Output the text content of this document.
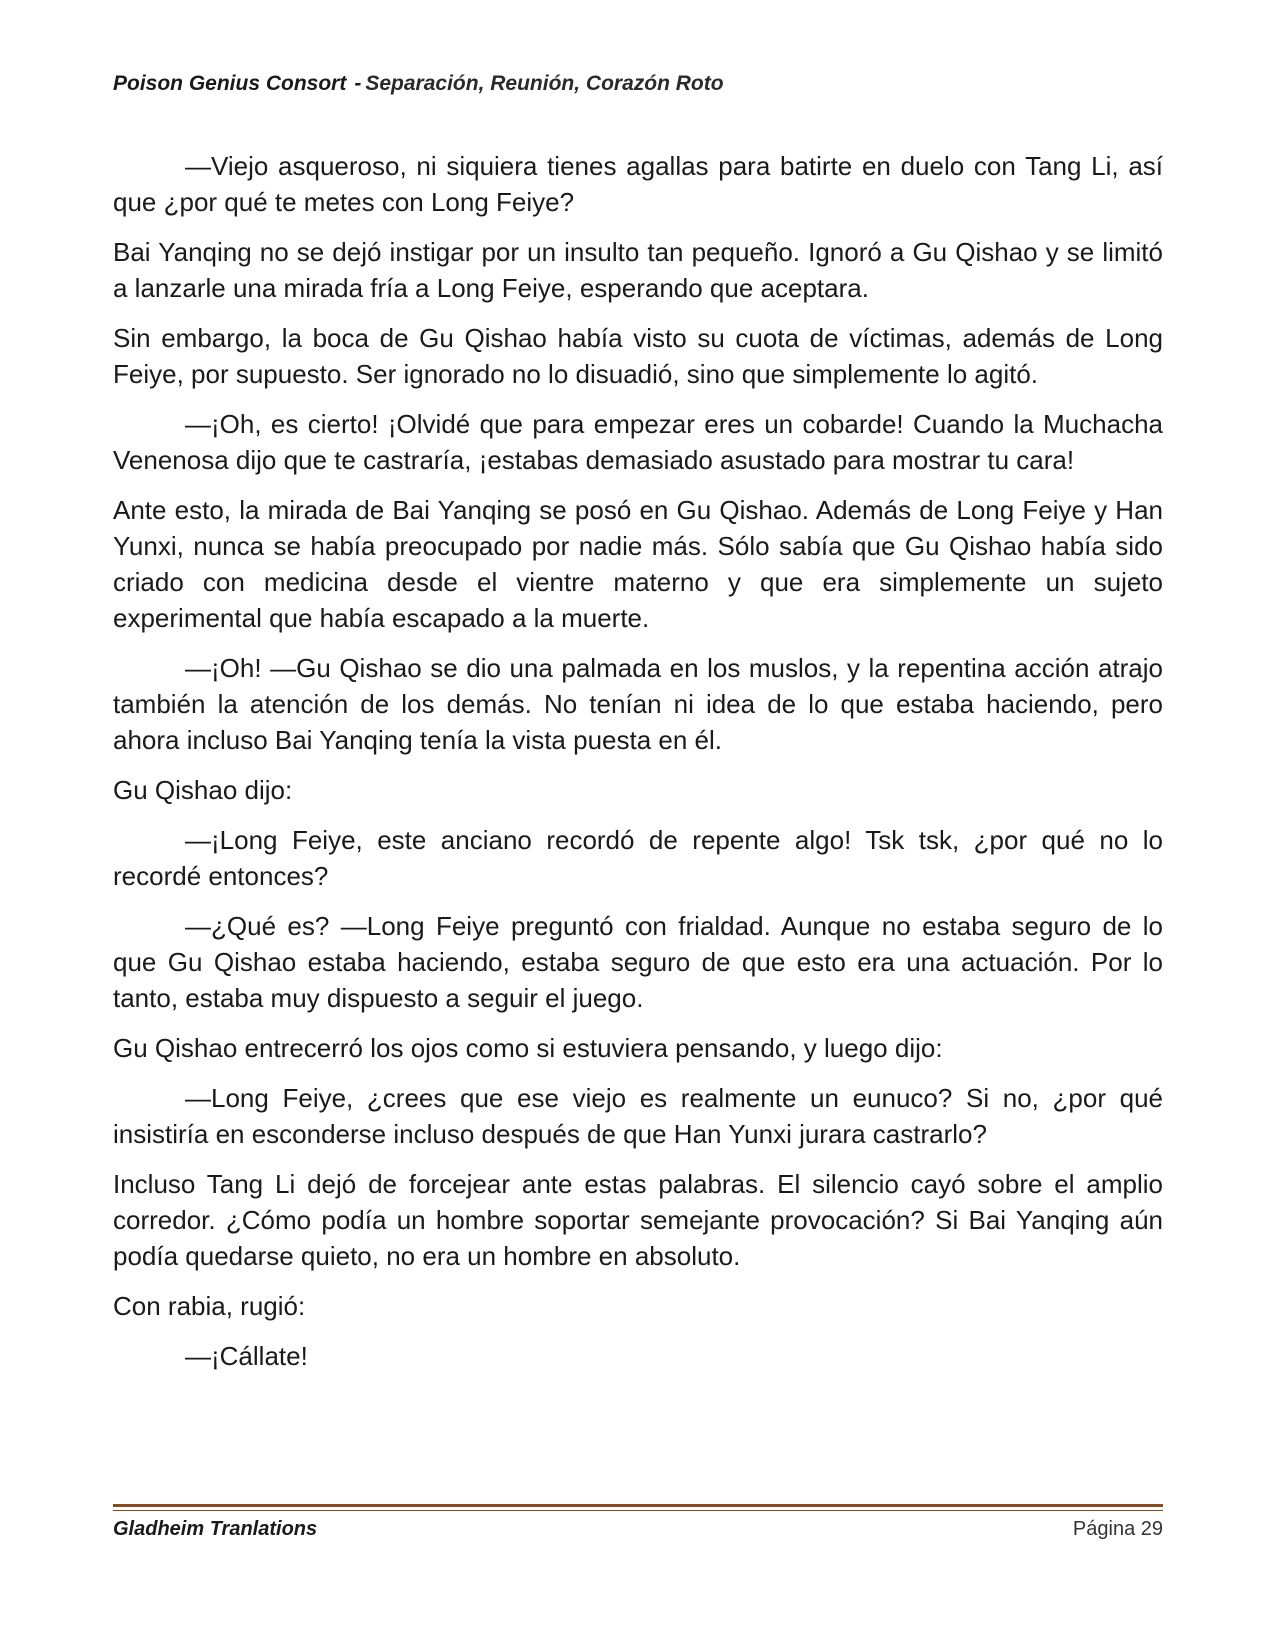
Poison Genius Consort - Separación, Reunión, Corazón Roto

—Viejo asqueroso, ni siquiera tienes agallas para batirte en duelo con Tang Li, así que ¿por qué te metes con Long Feiye?

Bai Yanqing no se dejó instigar por un insulto tan pequeño. Ignoró a Gu Qishao y se limitó a lanzarle una mirada fría a Long Feiye, esperando que aceptara.

Sin embargo, la boca de Gu Qishao había visto su cuota de víctimas, además de Long Feiye, por supuesto. Ser ignorado no lo disuadió, sino que simplemente lo agitó.

—¡Oh, es cierto! ¡Olvidé que para empezar eres un cobarde! Cuando la Muchacha Venenosa dijo que te castraría, ¡estabas demasiado asustado para mostrar tu cara!

Ante esto, la mirada de Bai Yanqing se posó en Gu Qishao. Además de Long Feiye y Han Yunxi, nunca se había preocupado por nadie más. Sólo sabía que Gu Qishao había sido criado con medicina desde el vientre materno y que era simplemente un sujeto experimental que había escapado a la muerte.

—¡Oh! —Gu Qishao se dio una palmada en los muslos, y la repentina acción atrajo también la atención de los demás. No tenían ni idea de lo que estaba haciendo, pero ahora incluso Bai Yanqing tenía la vista puesta en él.

Gu Qishao dijo:

—¡Long Feiye, este anciano recordó de repente algo! Tsk tsk, ¿por qué no lo recordé entonces?

—¿Qué es? —Long Feiye preguntó con frialdad. Aunque no estaba seguro de lo que Gu Qishao estaba haciendo, estaba seguro de que esto era una actuación. Por lo tanto, estaba muy dispuesto a seguir el juego.

Gu Qishao entrecerró los ojos como si estuviera pensando, y luego dijo:

—Long Feiye, ¿crees que ese viejo es realmente un eunuco? Si no, ¿por qué insistiría en esconderse incluso después de que Han Yunxi jurara castrarlo?

Incluso Tang Li dejó de forcejear ante estas palabras. El silencio cayó sobre el amplio corredor. ¿Cómo podía un hombre soportar semejante provocación? Si Bai Yanqing aún podía quedarse quieto, no era un hombre en absoluto.

Con rabia, rugió:

—¡Cállate!

Gladheim Tranlations	Página 29
